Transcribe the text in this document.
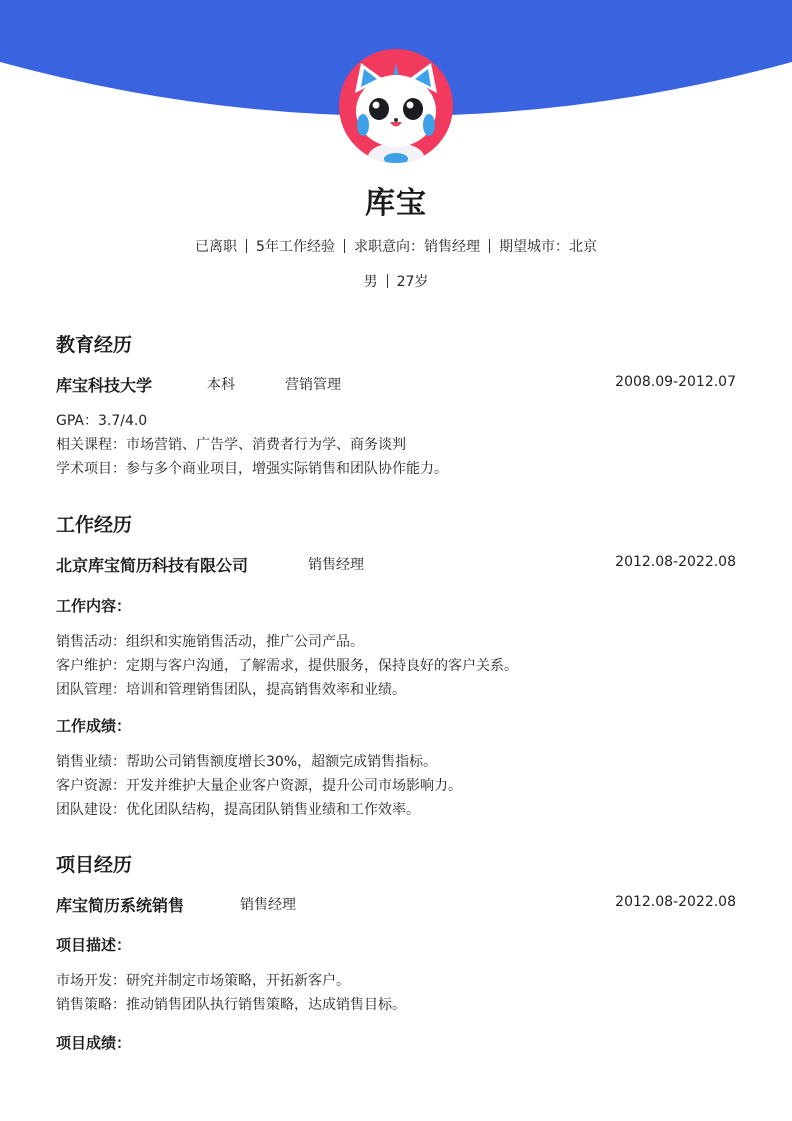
库宝
已离职 5年工作经验 求职意向：销售经理 期望城市：北京
男 27岁
教育经历
库宝科技大学	本科	营销管理	2008.09-2012.07
GPA：3.7/4.0
相关课程：市场营销、广告学、消费者行为学、商务谈判
学术项目：参与多个商业项目，增强实际销售和团队协作能力。
工作经历
北京库宝简历科技有限公司	销售经理	2012.08-2022.08
工作内容：
销售活动：组织和实施销售活动，推广公司产品。
客户维护：定期与客户沟通，了解需求，提供服务，保持良好的客户关系。
团队管理：培训和管理销售团队，提高销售效率和业绩。
工作成绩：
销售业绩：帮助公司销售额度增长30%，超额完成销售指标。
客户资源：开发并维护大量企业客户资源，提升公司市场影响力。
团队建设：优化团队结构，提高团队销售业绩和工作效率。
项目经历
库宝简历系统销售	销售经理	2012.08-2022.08
项目描述：
市场开发：研究并制定市场策略，开拓新客户。
销售策略：推动销售团队执行销售策略，达成销售目标。
项目成绩：
